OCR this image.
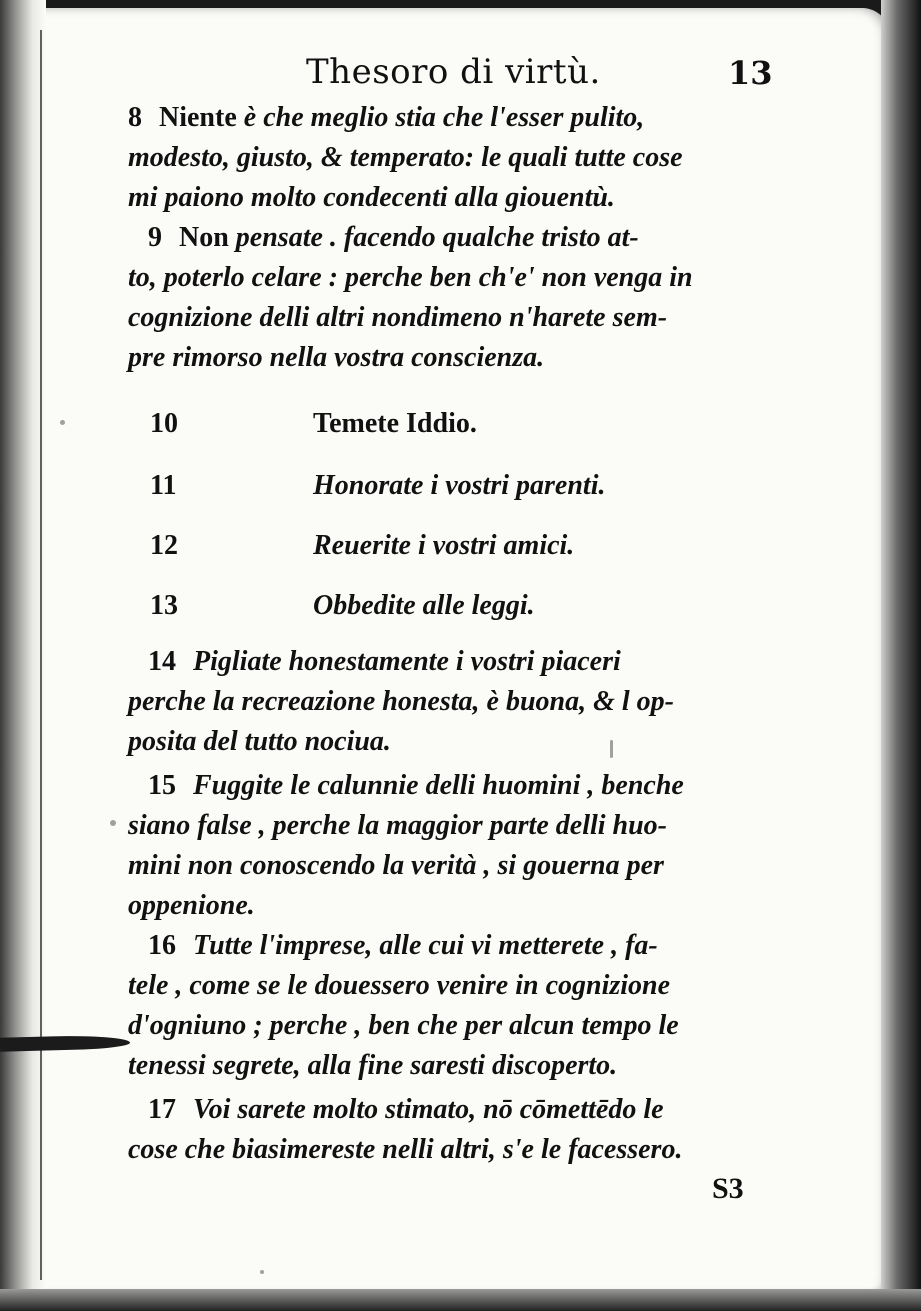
Thesoro di virtù.	13
8 Niente è che meglio stia che l'esser pulito,
modesto, giusto, & temperato: le quali tutte cose
mi paiono molto condecenti alla giouentù.
9 Non pensate . facendo qualche tristo at-
to, poterlo celare : perche ben ch'e' non venga in
cognizione delli altri nondimeno n'harete sem-
pre rimorso nella vostra conscienza.
10	Temete Iddio.
11	Honorate i vostri parenti.
12	Reuerite i vostri amici.
13	Obbedite alle leggi.
14 Pigliate honestamente i vostri piaceri
perche la recreazione honesta, è buona, & l op-
posita del tutto nociua.
15 Fuggite le calunnie delli huomini , benche
siano false , perche la maggior parte delli huo-
mini non conoscendo la verità , si gouerna per
oppenione.
16 Tutte l'imprese, alle cui vi metterete , fa-
tele , come se le douessero venire in cognizione
d'ogniuno ; perche , ben che per alcun tempo le
tenessi segrete, alla fine saresti discoperto.
17 Voi sarete molto stimato, nō cōmettēdo le
cose che biasimereste nelli altri, s'e le facessero.
S3
